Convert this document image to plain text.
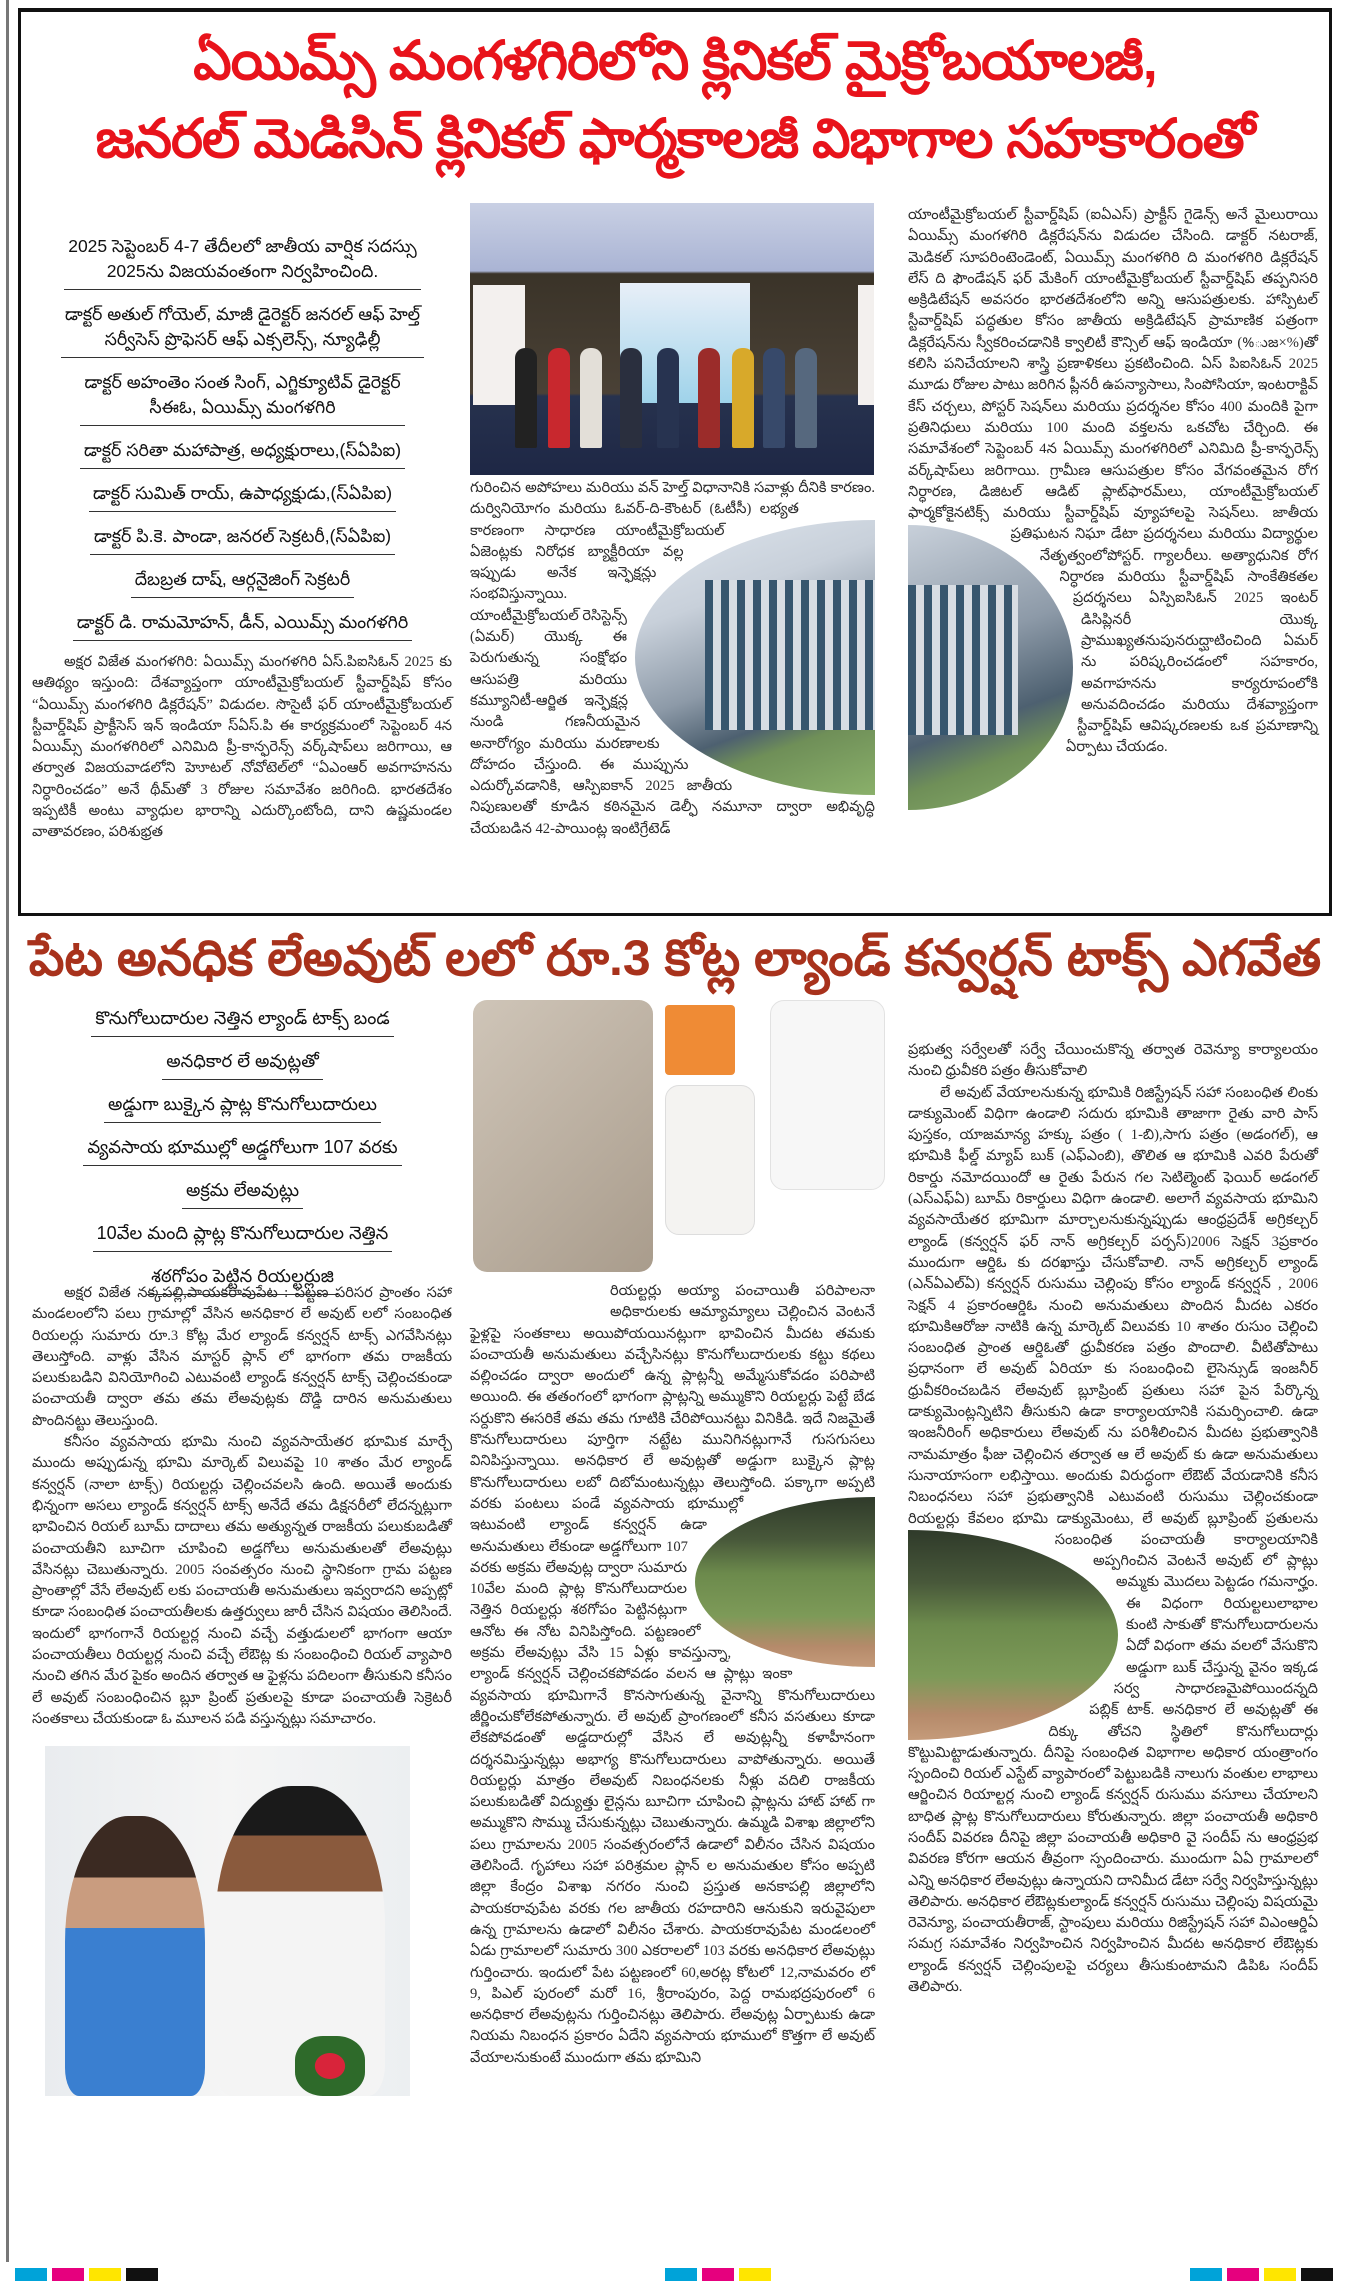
ఏయిమ్స్ మంగళగిరిలోని క్లినికల్ మైక్రోబయాలజీ,
జనరల్ మెడిసిన్ క్లినికల్ ఫార్మకాలజీ విభాగాల సహకారంతో
2025 సెప్టెంబర్ 4-7 తేదీలలో జాతీయ వార్షిక సదస్సు
2025ను విజయవంతంగా నిర్వహించింది.
డాక్టర్ అతుల్ గోయెల్, మాజీ డైరెక్టర్ జనరల్ ఆఫ్ హెల్త్
సర్వీసెస్ ప్రొఫెసర్ ఆఫ్ ఎక్సలెన్స్, న్యూఢిల్లీ
డాక్టర్ అహంతెం సంత సింగ్, ఎగ్జిక్యూటివ్ డైరెక్టర్
సీఈఓ, ఏయిమ్స్ మంగళగిరి
డాక్టర్ సరితా మహాపాత్ర, అధ్యక్షురాలు,(స్ఏపిఐ)
డాక్టర్ సుమిత్ రాయ్, ఉపాధ్యక్షుడు,(స్ఏపిఐ)
డాక్టర్ పి.కె. పాండా, జనరల్ సెక్రటరీ,(స్ఏపిఐ)
దేబబ్రత దాష్, ఆర్గనైజింగ్ సెక్రటరీ
డాక్టర్ డి. రామమోహన్, డీన్, ఎయిమ్స్ మంగళగిరి

అక్షర విజేత మంగళగిరి: ఏయిమ్స్ మంగళగిరి ఏస్.పిఐసిఓన్ 2025 కు ఆతిథ్యం ఇస్తుంది: దేశవ్యాప్తంగా యాంటీమైక్రోబయల్ స్టీవార్డ్‌షిప్ కోసం “ఏయిమ్స్ మంగళగిరి డిక్లరేషన్” విడుదల. సొసైటీ ఫర్ యాంటీమైక్రోబయల్ స్టీవార్డ్‌షిప్ ప్రాక్టీసెస్ ఇన్ ఇండియా స్ఏస్.పి ఈ కార్యక్రమంలో సెప్టెంబర్ 4న ఏయిమ్స్ మంగళగిరిలో ఎనిమిది ప్రీ-కాన్ఫరెన్స్ వర్క్‌షాప్‌లు జరిగాయి, ఆ తర్వాత విజయవాడలోని హెూటల్ నోవోటెల్‌లో “ఏఎంఆర్ అవగాహనను నిర్ధారించడం” అనే థీమ్‌తో 3 రోజుల సమావేశం జరిగింది. భారతదేశం ఇప్పటికీ అంటు వ్యాధుల భారాన్ని ఎదుర్కొంటోంది, దాని ఉష్ణమండల వాతావరణం, పరిశుభ్రత

గురించిన అపోహలు మరియు వన్ హెల్త్ విధానానికి సవాళ్లు దీనికి కారణం. దుర్వినియోగం మరియు ఓవర్-ది-కౌంటర్ (ఓటీసీ) లభ్యత కారణంగా సాధారణ యాంటీమైక్రోబయల్ ఏజెంట్లకు నిరోధక బ్యాక్టీరియా వల్ల ఇప్పుడు అనేక ఇన్ఫెక్షన్లు సంభవిస్తున్నాయి. యాంటీమైక్రోబయల్ రెసిస్టెన్స్ (ఏమర్) యొక్క ఈ పెరుగుతున్న సంక్షోభం ఆసుపత్రి మరియు కమ్యూనిటీ-ఆర్జిత ఇన్ఫెక్షన్ల నుండి గణనీయమైన అనారోగ్యం మరియు మరణాలకు దోహదం చేస్తుంది. ఈ ముప్పును ఎదుర్కోవడానికి, ఆస్పిఐకాన్ 2025 జాతీయ నిపుణులతో కూడిన కఠినమైన డెల్ఫీ నమూనా ద్వారా అభివృద్ధి చేయబడిన 42-పాయింట్ల ఇంటిగ్రేటెడ్

యాంటీమైక్రోబయల్ స్టీవార్డ్‌షిప్ (ఐఏఎస్) ప్రాక్టీస్ గైడెన్స్ అనే మైలురాయి ఏయిమ్స్ మంగళగిరి డిక్లరేషన్‌ను విడుదల చేసింది. డాక్టర్ నటరాజ్, మెడికల్ సూపరింటెండెంట్, ఏయిమ్స్ మంగళగిరి ది మంగళగిరి డిక్లరేషన్ లేస్ ది ఫౌండేషన్ ఫర్ మేకింగ్ యాంటీమైక్రోబయల్ స్టీవార్డ్‌షిప్ తప్పనిసరి అక్రిడిటేషన్ అవసరం భారతదేశంలోని అన్ని ఆసుపత్రులకు. హాస్పిటల్ స్టీవార్డ్‌షిప్ పద్ధతుల కోసం జాతీయ అక్రిడిటేషన్ ప్రామాణిక పత్రంగా డిక్లరేషన్‌ను స్వీకరించడానికి క్వాలిటీ కౌన్సిల్ ఆఫ్ ఇండియా (%ుజ×%)తో కలిసి పనిచేయాలని శాస్త్రి ప్రణాళికలు ప్రకటించింది. ఏస్ పిఐసిఓన్ 2025 మూడు రోజుల పాటు జరిగిన ప్లీనరీ ఉపన్యాసాలు, సింపోసియా, ఇంటరాక్టివ్ కేస్ చర్చలు, పోస్టర్ సెషన్‌లు మరియు ప్రదర్శనల కోసం 400 మందికి పైగా ప్రతినిధులు మరియు 100 మంది వక్తలను ఒకచోట చేర్చింది. ఈ సమావేశంలో సెప్టెంబర్ 4న ఏయిమ్స్ మంగళగిరిలో ఎనిమిది ప్రీ-కాన్ఫరెన్స్ వర్క్‌షాప్‌లు జరిగాయి. గ్రామీణ ఆసుపత్రుల కోసం వేగవంతమైన రోగ నిర్ధారణ, డిజిటల్ ఆడిట్ ప్లాట్‌ఫారమ్‌లు, యాంటీమైక్రోబయల్ ఫార్మకోకైనటిక్స్ మరియు స్టీవార్డ్‌షిప్ వ్యూహాలపై సెషన్‌లు. జాతీయ ప్రతిఘటన నిఘా డేటా ప్రదర్శనలు మరియు విద్యార్థుల నేతృత్వంలోపోస్టర్. గ్యాలరీలు. అత్యాధునిక రోగ నిర్ధారణ మరియు స్టీవార్డ్‌షిప్ సాంకేతికతల ప్రదర్శనలు ఏస్పిఐసిఓన్ 2025 ఇంటర్ డిసిప్లినరీ యొక్క ప్రాముఖ్యతనుపునరుద్ఘాటించింది ఏమర్ ను పరిష్కరించడంలో సహకారం, అవగాహనను కార్యరూపంలోకి అనువదించడం మరియు దేశవ్యాప్తంగా స్టీవార్డ్‌షిప్ ఆవిష్కరణలకు ఒక ప్రమాణాన్ని ఏర్పాటు చేయడం.

పేట అనధిక లేఅవుట్ లలో రూ.3 కోట్ల ల్యాండ్ కన్వర్షన్ టాక్స్ ఎగవేత
కొనుగోలుదారుల నెత్తిన ల్యాండ్ టాక్స్ బండ
అనధికార లే అవుట్లతో
అడ్డుగా బుక్కైన ప్లాట్ల కొనుగోలుదారులు
వ్యవసాయ భూముల్లో అడ్డగోలుగా 107 వరకు
అక్రమ లేఅవుట్లు
10వేల మంది ప్లాట్ల కొనుగోలుదారుల నెత్తిన
శఠగోపం పెట్టిన రియల్టర్లుజి

అక్షర విజేత నక్కపల్లి,పాయకరావుపేట : పట్టణ పరిసర ప్రాంతం సహా మండలంలోని పలు గ్రామాల్లో వేసిన అనధికార లే అవుట్ లలో సంబంధిత రియలర్లు సుమారు రూ.3 కోట్ల మేర ల్యాండ్ కన్వర్షన్ టాక్స్ ఎగవేసినట్లు తెలుస్తోంది. వాళ్లు వేసిన మాస్టర్ ప్లాన్ లో భాగంగా తమ రాజకీయ పలుకుబడిని వినియోగించి ఎటువంటి ల్యాండ్ కన్వర్షన్ టాక్స్ చెల్లించకుండా పంచాయతీ ద్వారా తమ తమ లేఅవుట్లకు దొడ్డి దారిన అనుమతులు పొందినట్టు తెలుస్తుంది.

కనీసం వ్యవసాయ భూమి నుంచి వ్యవసాయేతర భూమిక మార్చే ముందు అప్పుడున్న భూమి మార్కెట్ విలువపై 10 శాతం మేర ల్యాండ్ కన్వర్షన్ (నాలా టాక్స్) రియల్టర్లు చెల్లించవలసి ఉంది. అయితే అందుకు భిన్నంగా అసలు ల్యాండ్ కన్వర్షన్ టాక్స్ అనేదే తమ డిక్షనరీలో లేదన్నట్లుగా భావించిన రియల్ బూమ్ దాదాలు తమ అత్యున్నత రాజకీయ పలుకుబడితో పంచాయతీని బూచిగా చూపించి అడ్డగోలు అనుమతులతో లేఅవుట్లు వేసినట్లు చెబుతున్నారు. 2005 సంవత్సరం నుంచి స్థానికంగా గ్రామ పట్టణ ప్రాంతాల్లో వేసే లేఅవుట్ లకు పంచాయతీ అనుమతులు ఇవ్వరాదని అప్పట్లో కూడా సంబంధిత పంచాయతీలకు ఉత్తర్వులు జారీ చేసిన విషయం తెలిసిందే. ఇందులో భాగంగానే రియల్టర్ల నుంచి వచ్చే వత్తుడులలో భాగంగా ఆయా పంచాయతీలు రియల్టర్ల నుంచి వచ్చే లేఔట్ల కు సంబంధించి రియల్ వ్యాపారి నుంచి తగిన మేర పైకం అందిన తర్వాత ఆ ఫైళ్లను పదిలంగా తీసుకుని కనీసం లే అవుట్ సంబంధించిన బ్లూ ప్రింట్ ప్రతులపై కూడా పంచాయతీ సెక్రెటరీ సంతకాలు చేయకుండా ఓ మూలన పడి వస్తున్నట్లు సమాచారం.

రియల్టర్లు అయ్యా పంచాయితీ పరిపాలనా అధికారులకు ఆమ్యామ్యాలు చెల్లించిన వెంటనే ఫైళ్లపై సంతకాలు అయిపోయయినట్లుగా భావించిన మీదట తమకు పంచాయతీ అనుమతులు వచ్చేసినట్లు కొనుగోలుదారులకు కట్టు కథలు వల్లించడం ద్వారా అందులో ఉన్న ప్లాట్లన్నీ అమ్మేసుకోవడం పరిపాటి అయింది. ఈ తతంగంలో భాగంగా ప్లాట్లన్ని అమ్ముకొని రియల్టర్లు పెట్టే బేడ సర్దుకొని ఈసరికే తమ తమ గూటికి చేరిపోయినట్టు వినికిడి. ఇదే నిజమైతే కొనుగోలుదారులు పూర్తిగా నట్టేట మునిగినట్లుగానే గుసగుసలు వినిపిస్తున్నాయి. అనధికార లే అవుట్లతో అడ్డుగా బుక్కైన ప్లాట్ల కొనుగోలుదారులు లబో దిబోమంటున్నట్లు తెలుస్తోంది. పక్కాగా అప్పటి వరకు పంటలు పండే వ్యవసాయ భూముల్లో ఇటువంటి ల్యాండ్ కన్వర్షన్ ఉడా అనుమతులు లేకుండా అడ్డగోలుగా 107 వరకు అక్రమ లేఅవుట్ల ద్వారా సుమారు 10వేల మంది ప్లాట్ల కొనుగోలుదారుల నెత్తిన రియల్టర్లు శఠగోపం పెట్టినట్లుగా ఆనోట ఈ నోట వినిపిస్తోంది. పట్టణంలో అక్రమ లేఅవుట్లు వేసి 15 ఏళ్లు కావస్తున్నా, ల్యాండ్ కన్వర్షన్ చెల్లించకపోవడం వలన ఆ ప్లాట్లు ఇంకా వ్యవసాయ భూమిగానే కొనసాగుతున్న వైనాన్ని కొనుగోలుదారులు జీర్ణించుకోలేకపోతున్నారు. లే అవుట్ ప్రాంగణంలో కనీస వసతులు కూడా లేకపోవడంతో అడ్డదారుల్లో వేసిన లే అవుట్లన్నీ కళాహీనంగా దర్శనమిస్తున్నట్లు అభాగ్య కొనుగోలుదారులు వాపోతున్నారు. అయితే రియల్టర్లు మాత్రం లేఅవుట్ నిబంధనలకు నీళ్లు వదిలి రాజకీయ పలుకుబడితో విద్యుత్తు లైన్లను బూచిగా చూపించి ప్లాట్లను హాట్ హాట్ గా అమ్ముకొని సొమ్ము చేసుకున్నట్లు చెబుతున్నారు. ఉమ్మడి విశాఖ జిల్లాలోని పలు గ్రామాలను 2005 సంవత్సరంలోనే ఉడాలో విలీనం చేసిన విషయం తెలిసిందే. గృహాలు సహా పరిశ్రమల ప్లాన్ ల అనుమతుల కోసం అప్పటి జిల్లా కేంద్రం విశాఖ నగరం నుంచి ప్రస్తుత అనకాపల్లి జిల్లాలోని పాయకరావుపేట వరకు గల జాతీయ రహదారిని ఆనుకుని ఇరువైపులా ఉన్న గ్రామాలను ఉడాలో విలీనం చేశారు. పాయకరావుపేట మండలంలో ఏడు గ్రామాలలో సుమారు 300 ఎకరాలలో 103 వరకు అనధికార లేఅవుట్లు గుర్తించారు. ఇందులో పేట పట్టణంలో 60,అరట్ల కోటలో 12,నామవరం లో 9, పిఎల్ పురంలో మరో 16, శ్రీరాంపురం, పెద్ద రామభద్రపురంలో 6 అనధికార లేఅవుట్లను గుర్తించినట్లు తెలిపారు. లేఅవుట్ల ఏర్పాటుకు ఉడా నియమ నిబంధన ప్రకారం ఏదేని వ్యవసాయ భూములో కొత్తగా లే అవుట్ వేయాలనుకుంటే ముందుగా తమ భూమిని

ప్రభుత్వ సర్వేలతో సర్వే చేయించుకొన్న తర్వాత రెవెన్యూ కార్యాలయం నుంచి ధ్రువీకరి పత్రం తీసుకోవాలి

లే అవుట్ వేయాలనుకున్న భూమికి రిజిస్ట్రేషన్ సహా సంబంధిత లింకు డాక్యుమెంట్ విధిగా ఉండాలి సదురు భూమికి తాజాగా రైతు వారి పాస్ పుస్తకం, యాజమాన్య హక్కు పత్రం ( 1-బి),సాగు పత్రం (అడంగల్), ఆ భూమికి ఫీల్డ్ మ్యాప్ బుక్ (ఎఫ్ఎంబి), తొలిత ఆ భూమికి ఎవరి పేరుతో రికార్డు నమోదయిందో ఆ రైతు పేరున గల సెటిల్మెంట్ ఫెయిర్ అడంగల్ (ఎస్ఎఫ్ఏ) బూమ్ రికార్డులు విధిగా ఉండాలి. అలాగే వ్యవసాయ భూమిని వ్యవసాయేతర భూమిగా మార్చాలనుకున్నప్పుడు ఆంధ్రప్రదేశ్ అగ్రికల్చర్ ల్యాండ్ (కన్వర్షన్ ఫర్ నాన్ అగ్రికల్చర్ పర్పస్)2006 సెక్షన్ 3ప్రకారం ముందుగా ఆర్డిఓ కు దరఖాస్తు చేసుకోవాలి. నాన్ అగ్రికల్చర్ ల్యాండ్ (ఎన్ఏఎల్ఏ) కన్వర్షన్ రుసుము చెల్లింపు కోసం ల్యాండ్ కన్వర్షన్ , 2006 సెక్షన్ 4 ప్రకారంఆర్డిఓ నుంచి అనుమతులు పొందిన మీదట ఎకరం భూమికిఆరోజు నాటికి ఉన్న మార్కెట్ విలువకు 10 శాతం రుసుం చెల్లించి సంబంధిత ప్రాంత ఆర్డిఓతో ధ్రువీకరణ పత్రం పొందాలి. వీటితోపాటు ప్రధానంగా లే అవుట్ ఏరియా కు సంబంధించి లైసెన్సుడ్ ఇంజనీర్ ధ్రువీకరించబడిన లేఅవుట్ బ్లూప్రింట్ ప్రతులు సహా పైన పేర్కొన్న డాక్యుమెంట్లన్నిటిని తీసుకుని ఉడా కార్యాలయానికి సమర్పించాలి. ఉడా ఇంజనీరింగ్ అధికారులు లేఅవుట్ ను పరిశీలించిన మీదట ప్రభుత్వానికి నామమాత్రం ఫీజు చెల్లించిన తర్వాత ఆ లే అవుట్ కు ఉడా అనుమతులు సునాయాసంగా లభిస్తాయి. అందుకు విరుద్ధంగా లేఔట్ వేయడానికి కనీస నిబంధనలు సహా ప్రభుత్వానికి ఎటువంటి రుసుము చెల్లించకుండా రియల్టర్లు కేవలం భూమి డాక్యుమెంటు, లే అవుట్ బ్లూప్రింట్ ప్రతులను సంబంధిత పంచాయతీ కార్యాలయానికి అప్పగించిన వెంటనే అవుట్ లో ప్లాట్లు అమ్మకు మొదలు పెట్టడం గమనార్హం. ఈ విధంగా రియల్టలులాభాల కుంటి సాకుతో కొనుగోలుదారులను ఏదో విధంగా తమ వలలో వేసుకొని అడ్డుగా బుక్ చేస్తున్న వైనం ఇక్కడ సర్వ సాధారణమైపోయిందన్నది పబ్లిక్ టాక్. అనధికార లే అవుట్లతో ఈ దిక్కు తోచని స్థితిలో కొనుగోలుదార్లు కొట్టుమిట్టాడుతున్నారు. దీనిపై సంబంధిత విభాగాల అధికార యంత్రాంగం స్పందించి రియల్ ఎస్టేట్ వ్యాపారంలో పెట్టుబడికి నాలుగు వంతుల లాభాలు ఆర్జించిన రియాల్టర్ల నుంచి ల్యాండ్ కన్వర్షన్ రుసుము వసూలు చేయాలని బాధిత ప్లాట్ల కొనుగోలుదారులు కోరుతున్నారు. జిల్లా పంచాయతీ అధికారి సందీప్ వివరణ దీనిపై జిల్లా పంచాయతీ అధికారి వై సందీప్ ను ఆంధ్రప్రభ వివరణ కోరగా ఆయన తీవ్రంగా స్పందించారు. ముందుగా ఏఏ గ్రామాలలో ఎన్ని అనధికార లేఅవుట్లు ఉన్నాయని దానిమీద డేటా సర్వే నిర్వహిస్తున్నట్లు తెలిపారు. అనధికార లేఔట్లకుల్యాండ్ కన్వర్షన్ రుసుము చెల్లింపు విషయమై రెవెన్యూ, పంచాయతీరాజ్, స్టాంపులు మరియు రిజిస్ట్రేషన్ సహా విఎంఆర్డిఏ సమగ్ర సమావేశం నిర్వహించిన నిర్వహించిన మీదట అనధికార లేఔట్లకు ల్యాండ్ కన్వర్షన్ చెల్లింపులపై చర్యలు తీసుకుంటామని డిపిఓ సందీప్ తెలిపారు.
